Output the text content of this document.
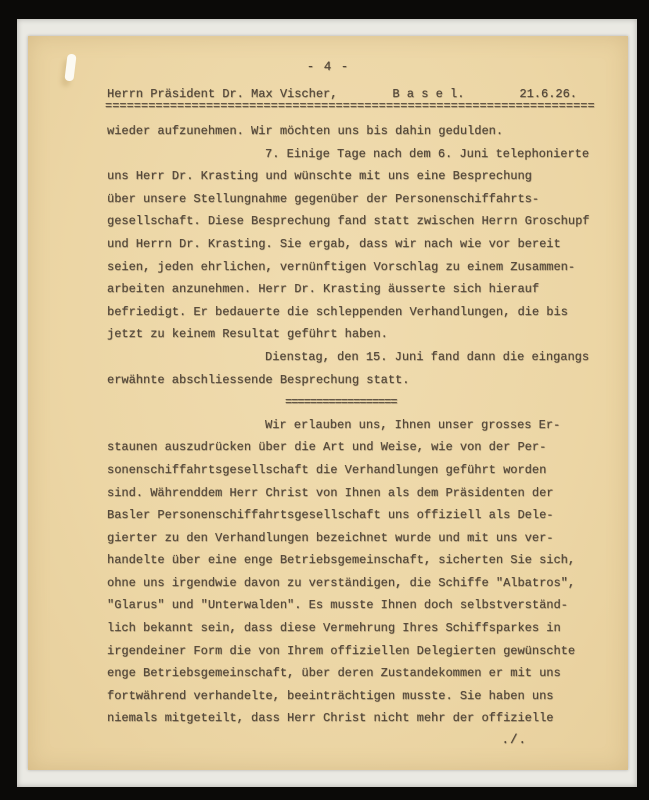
- 4 -
Herrn Präsident Dr. Max Vischer,	B a s e l.	21.6.26.
====================================================================
wieder aufzunehmen. Wir möchten uns bis dahin gedulden.
7. Einige Tage nach dem 6. Juni telephonierte
uns Herr Dr. Krasting und wünschte mit uns eine Besprechung
über unsere Stellungnahme gegenüber der Personenschiffahrts-
gesellschaft. Diese Besprechung fand statt zwischen Herrn Groschupf
und Herrn Dr. Krasting. Sie ergab, dass wir nach wie vor bereit
seien, jeden ehrlichen, vernünftigen Vorschlag zu einem Zusammen-
arbeiten anzunehmen. Herr Dr. Krasting äusserte sich hierauf
befriedigt. Er bedauerte die schleppenden Verhandlungen, die bis
jetzt zu keinem Resultat geführt haben.
Dienstag, den 15. Juni fand dann die eingangs
erwähnte abschliessende Besprechung statt.
==================
Wir erlauben uns, Ihnen unser grosses Er-
staunen auszudrücken über die Art und Weise, wie von der Per-
sonenschiffahrtsgesellschaft die Verhandlungen geführt worden
sind. Währenddem Herr Christ von Ihnen als dem Präsidenten der
Basler Personenschiffahrtsgesellschaft uns offiziell als Dele-
gierter zu den Verhandlungen bezeichnet wurde und mit uns ver-
handelte über eine enge Betriebsgemeinschaft, sicherten Sie sich,
ohne uns irgendwie davon zu verständigen, die Schiffe "Albatros",
"Glarus" und "Unterwalden". Es musste Ihnen doch selbstverständ-
lich bekannt sein, dass diese Vermehrung Ihres Schiffsparkes in
irgendeiner Form die von Ihrem offiziellen Delegierten gewünschte
enge Betriebsgemeinschaft, über deren Zustandekommen er mit uns
fortwährend verhandelte, beeinträchtigen musste. Sie haben uns
niemals mitgeteilt, dass Herr Christ nicht mehr der offizielle
./.
